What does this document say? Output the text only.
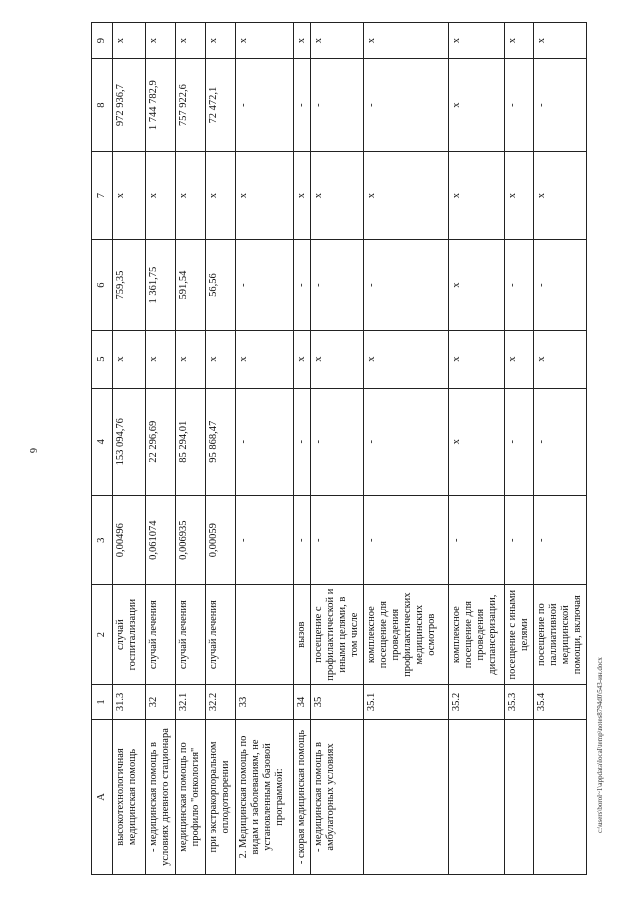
6
c:\users\borol~1\appdata\local\temp\notes8794d0\543-ин.docx
А	1	2	3	4	5	6	7	8	9
высокотехнологичная медицинская помощь	31.3	случай госпитализации	0,00496	153 094,76	х	759,35	х	972 936,7	х
- медицинская помощь в условиях дневного стационара	32	случай лечения	0,061074	22 296,69	х	1 361,75	х	1 744 782,9	х
медицинская помощь по профилю "онкология"	32.1	случай лечения	0,006935	85 294,01	х	591,54	х	757 922,6	х
при экстракорпоральном оплодотворении	32.2	случай лечения	0,00059	95 868,47	х	56,56	х	72 472,1	х
2. Медицинская помощь по видам и заболеваниям, не установленным базовой программой:	33		-	-	х	-	х	-	х
- скорая медицинская помощь	34	вызов	-	-	х	-	х	-	х
- медицинская помощь в амбулаторных условиях	35	посещение с профилактической и иными целями, в том числе	-	-	х	-	х	-	х
	35.1	комплексное посещение для проведения профилактических медицинских осмотров	-	-	х	-	х	-	х
	35.2	комплексное посещение для проведения диспансеризации,	-	х	х	х	х	х	х
	35.3	посещение с иными целями	-	-	х	-	х	-	х
	35.4	посещение по паллиативной медицинской помощи, включая	-	-	х	-	х	-	х
